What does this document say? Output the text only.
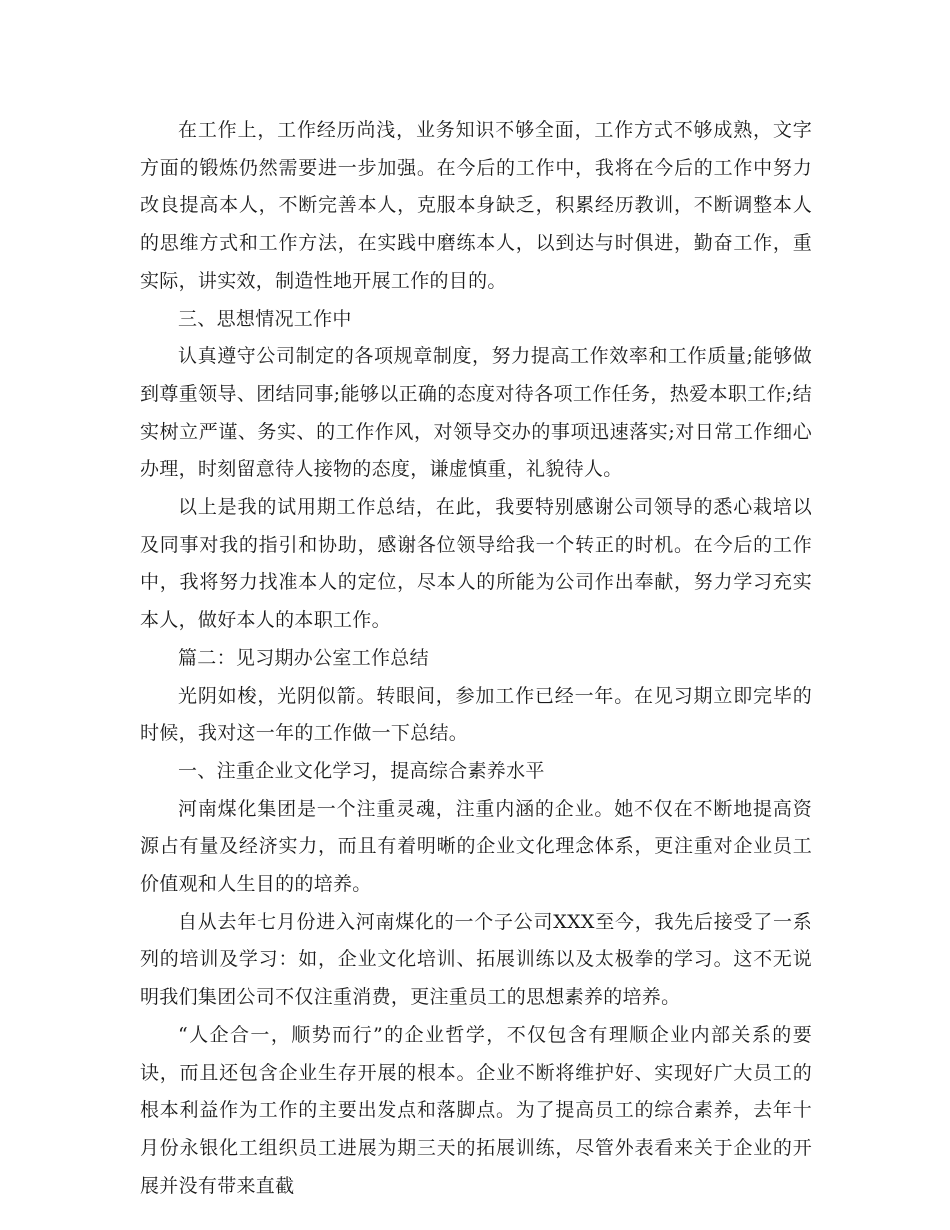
在工作上，工作经历尚浅，业务知识不够全面，工作方式不够成熟，文字方面的锻炼仍然需要进一步加强。在今后的工作中，我将在今后的工作中努力改良提高本人，不断完善本人，克服本身缺乏，积累经历教训，不断调整本人的思维方式和工作方法，在实践中磨练本人，以到达与时俱进，勤奋工作，重实际，讲实效，制造性地开展工作的目的。

三、思想情况工作中

认真遵守公司制定的各项规章制度，努力提高工作效率和工作质量;能够做到尊重领导、团结同事;能够以正确的态度对待各项工作任务，热爱本职工作;结实树立严谨、务实、的工作作风，对领导交办的事项迅速落实;对日常工作细心办理，时刻留意待人接物的态度，谦虚慎重，礼貌待人。

以上是我的试用期工作总结，在此，我要特别感谢公司领导的悉心栽培以及同事对我的指引和协助，感谢各位领导给我一个转正的时机。在今后的工作中，我将努力找准本人的定位，尽本人的所能为公司作出奉献，努力学习充实本人，做好本人的本职工作。

篇二：见习期办公室工作总结

光阴如梭，光阴似箭。转眼间，参加工作已经一年。在见习期立即完毕的时候，我对这一年的工作做一下总结。

一、注重企业文化学习，提高综合素养水平

河南煤化集团是一个注重灵魂，注重内涵的企业。她不仅在不断地提高资源占有量及经济实力，而且有着明晰的企业文化理念体系，更注重对企业员工价值观和人生目的的培养。

自从去年七月份进入河南煤化的一个子公司XXX至今，我先后接受了一系列的培训及学习：如，企业文化培训、拓展训练以及太极拳的学习。这不无说明我们集团公司不仅注重消费，更注重员工的思想素养的培养。

“人企合一，顺势而行”的企业哲学，不仅包含有理顺企业内部关系的要诀，而且还包含企业生存开展的根本。企业不断将维护好、实现好广大员工的根本利益作为工作的主要出发点和落脚点。为了提高员工的综合素养，去年十月份永银化工组织员工进展为期三天的拓展训练，尽管外表看来关于企业的开展并没有带来直截
